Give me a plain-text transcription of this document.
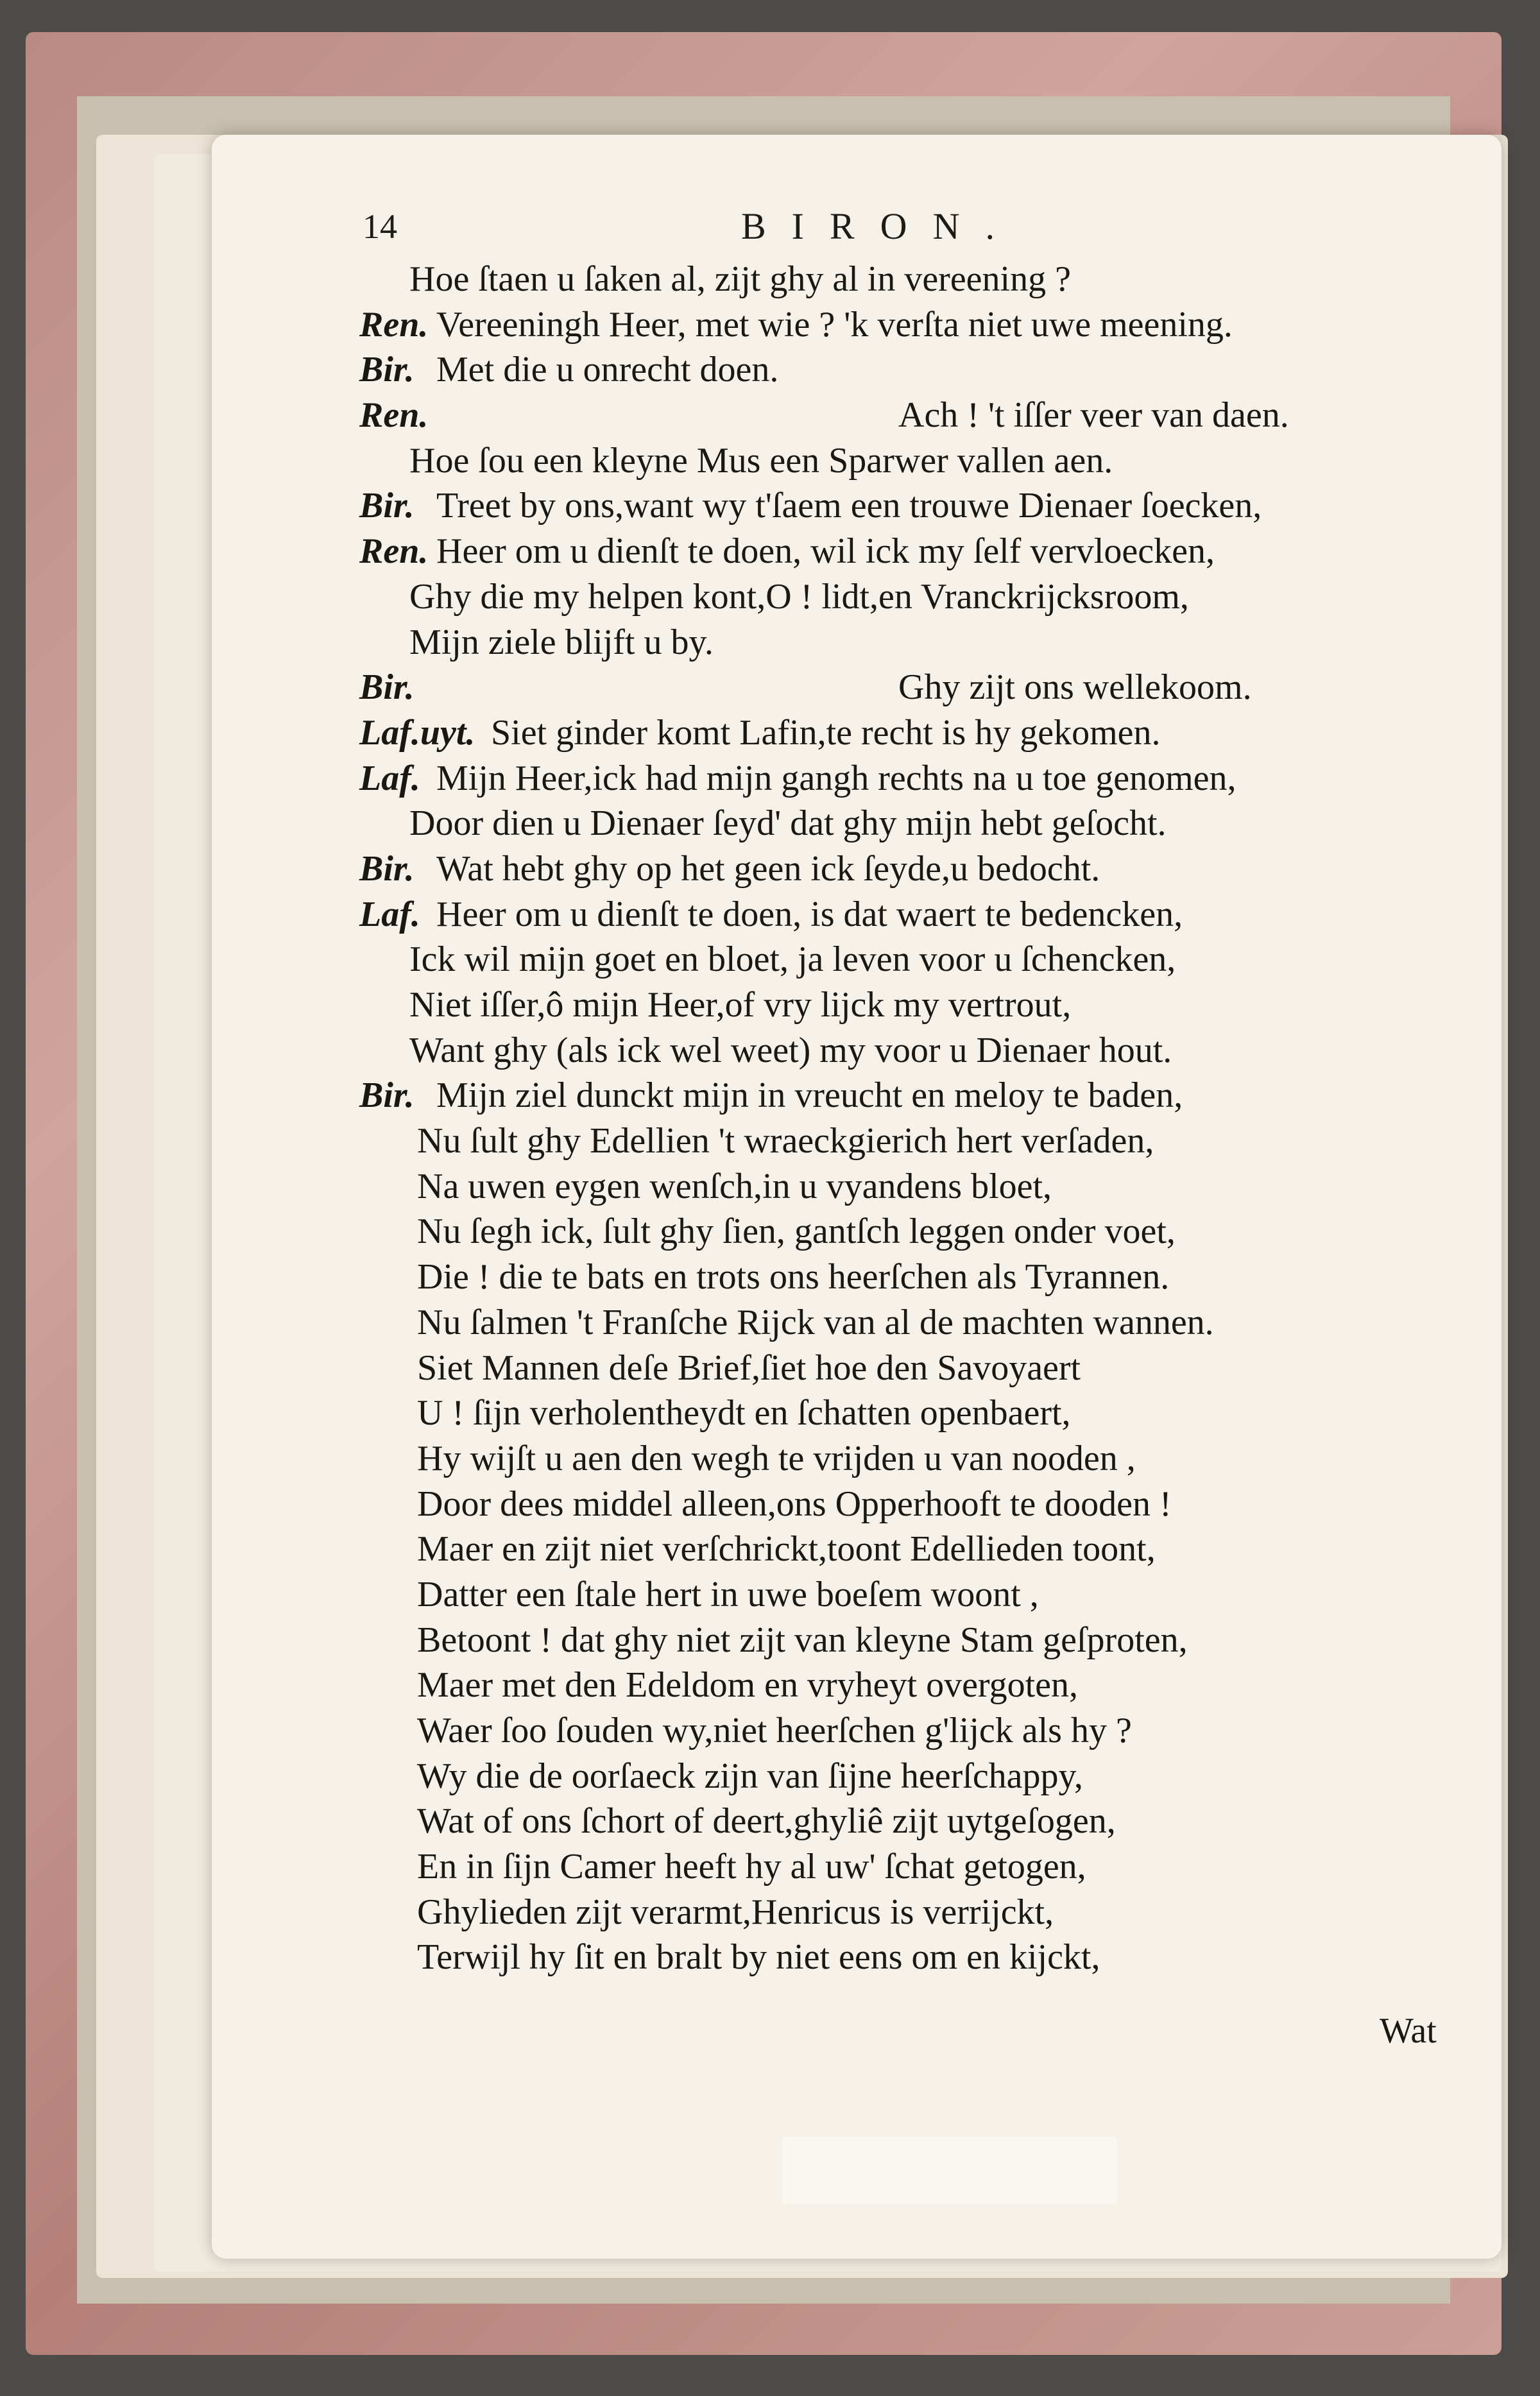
14	BIRON.
Hoe ſtaen u ſaken al, zijt ghy al in vereening ?
Ren. Vereeningh Heer, met wie ? 'k verſta niet uwe meening.
Bir. Met die u onrecht doen.
Ren.	Ach ! 't iſſer veer van daen.
Hoe ſou een kleyne Mus een Sparwer vallen aen.
Bir. Treet by ons,want wy t'ſaem een trouwe Dienaer ſoecken,
Ren. Heer om u dienſt te doen, wil ick my ſelf vervloecken,
Ghy die my helpen kont,O ! lidt,en Vranckrijcksroom,
Mijn ziele blijft u by.
Bir.	Ghy zijt ons wellekoom.
Laf.uyt. Siet ginder komt Lafin,te recht is hy gekomen.
Laf. Mijn Heer,ick had mijn gangh rechts na u toe genomen,
Door dien u Dienaer ſeyd' dat ghy mijn hebt geſocht.
Bir. Wat hebt ghy op het geen ick ſeyde,u bedocht.
Laf. Heer om u dienſt te doen, is dat waert te bedencken,
Ick wil mijn goet en bloet, ja leven voor u ſchencken,
Niet iſſer,ô mijn Heer,of vry lijck my vertrout,
Want ghy (als ick wel weet) my voor u Dienaer hout.
Bir. Mijn ziel dunckt mijn in vreucht en meloy te baden,
Nu ſult ghy Edellien 't wraeckgierich hert verſaden,
Na uwen eygen wenſch,in u vyandens bloet,
Nu ſegh ick, ſult ghy ſien, gantſch leggen onder voet,
Die ! die te bats en trots ons heerſchen als Tyrannen.
Nu ſalmen 't Franſche Rijck van al de machten wannen.
Siet Mannen deſe Brief,ſiet hoe den Savoyaert
U ! ſijn verholentheydt en ſchatten openbaert,
Hy wijſt u aen den wegh te vrijden u van nooden ,
Door dees middel alleen,ons Opperhooft te dooden !
Maer en zijt niet verſchrickt,toont Edellieden toont,
Datter een ſtale hert in uwe boeſem woont ,
Betoont ! dat ghy niet zijt van kleyne Stam geſproten,
Maer met den Edeldom en vryheyt overgoten,
Waer ſoo ſouden wy,niet heerſchen g'lijck als hy ?
Wy die de oorſaeck zijn van ſijne heerſchappy,
Wat of ons ſchort of deert,ghyliê zijt uytgeſogen,
En in ſijn Camer heeft hy al uw' ſchat getogen,
Ghylieden zijt verarmt,Henricus is verrijckt,
Terwijl hy ſit en bralt by niet eens om en kijckt,
Wat
